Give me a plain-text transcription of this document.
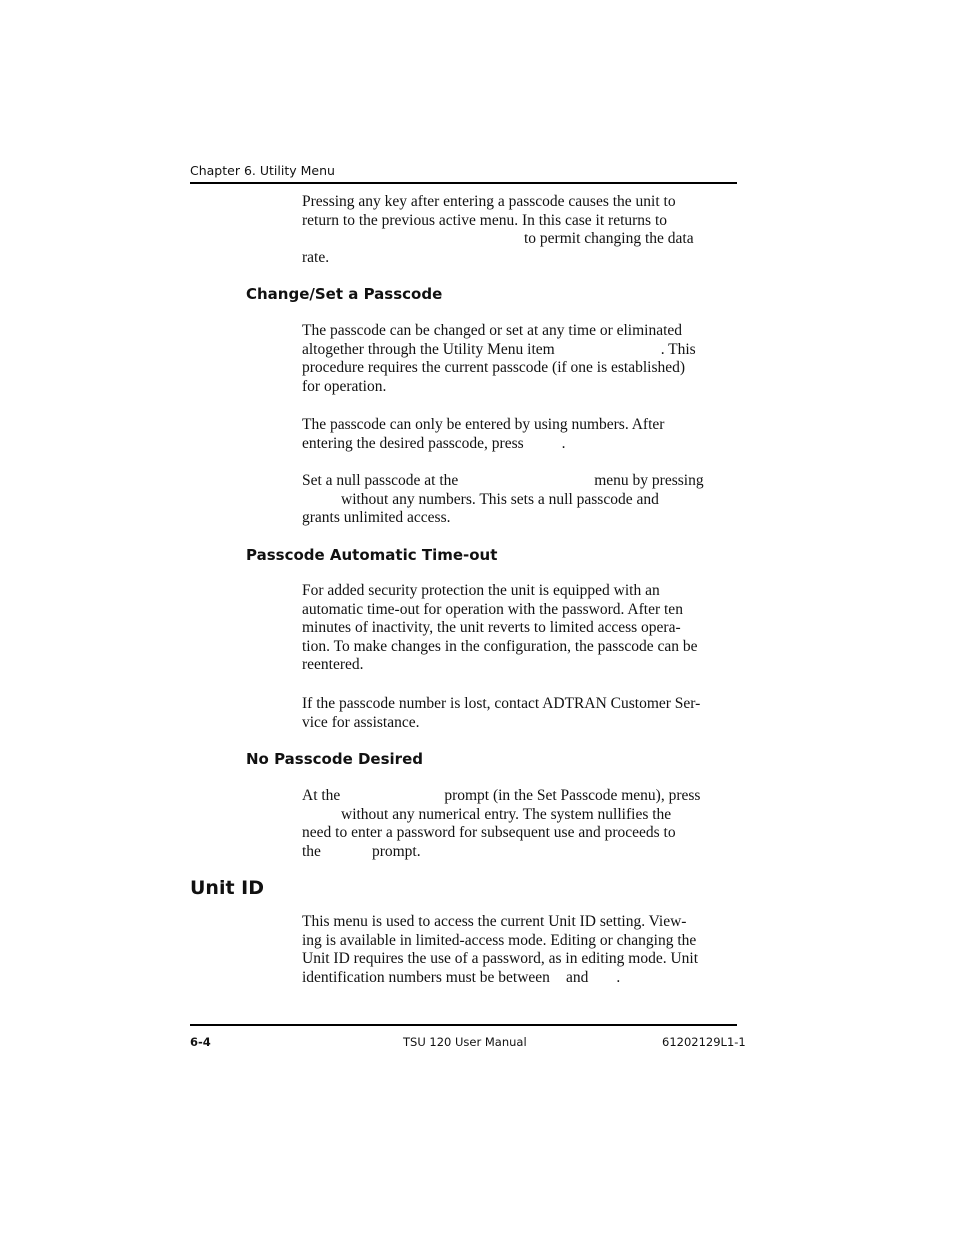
Chapter 6. Utility Menu

Pressing any key after entering a passcode causes the unit to

return to the previous active menu. In this case it returns to

to permit changing the data

rate.

Change/Set a Passcode

The passcode can be changed or set at any time or eliminated

altogether through the Utility Menu item	. This

procedure requires the current passcode (if one is established)

for operation.

The passcode can only be entered by using numbers. After

entering the desired passcode, press .

Set a null passcode at the	menu by pressing

without any numbers. This sets a null passcode and

grants unlimited access.

Passcode Automatic Time-out

For added security protection the unit is equipped with an

automatic time-out for operation with the password. After ten

minutes of inactivity, the unit reverts to limited access opera-

tion. To make changes in the configuration, the passcode can be

reentered.

If the passcode number is lost, contact ADTRAN Customer Ser-

vice for assistance.

No Passcode Desired

At the	prompt (in the Set Passcode menu), press

without any numerical entry. The system nullifies the

need to enter a password for subsequent use and proceeds to

the	prompt.

Unit ID

This menu is used to access the current Unit ID setting. View-

ing is available in limited-access mode. Editing or changing the

Unit ID requires the use of a password, as in editing mode. Unit

identification numbers must be between and .

6-4	TSU 120 User Manual	61202129L1-1
